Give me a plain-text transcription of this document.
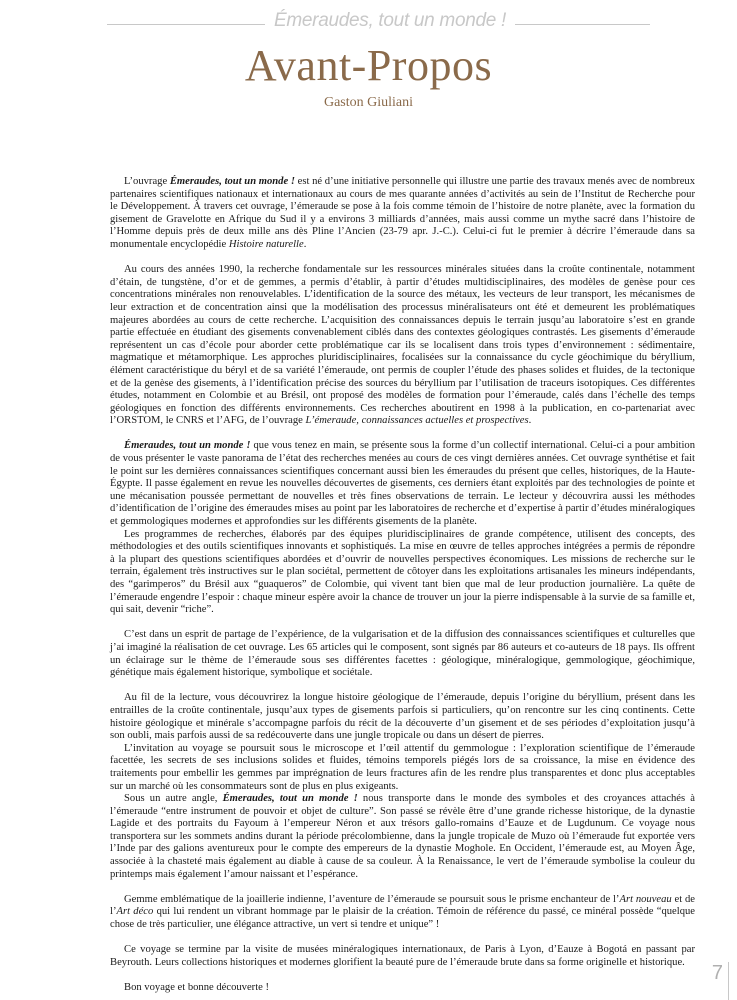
Émeraudes, tout un monde !
Avant-Propos
Gaston Giuliani

L’ouvrage Émeraudes, tout un monde ! est né d’une initiative personnelle qui illustre une partie des travaux menés avec de nombreux partenaires scientifiques nationaux et internationaux au cours de mes quarante années d’activités au sein de l’Institut de Recherche pour le Développement. À travers cet ouvrage, l’émeraude se pose à la fois comme témoin de l’histoire de notre planète, avec la formation du gisement de Gravelotte en Afrique du Sud il y a environs 3 milliards d’années, mais aussi comme un mythe sacré dans l’histoire de l’Homme depuis près de deux mille ans dès Pline l’Ancien (23-79 apr. J.-C.). Celui-ci fut le premier à décrire l’émeraude dans sa monumentale encyclopédie Histoire naturelle.

Au cours des années 1990, la recherche fondamentale sur les ressources minérales situées dans la croûte continentale, notamment d’étain, de tungstène, d’or et de gemmes, a permis d’établir, à partir d’études multidisciplinaires, des modèles de genèse pour ces concentrations minérales non renouvelables. L’identification de la source des métaux, les vecteurs de leur transport, les mécanismes de leur extraction et de concentration ainsi que la modélisation des processus minéralisateurs ont été et demeurent les problématiques majeures abordées au cours de cette recherche. L’acquisition des connaissances depuis le terrain jusqu’au laboratoire s’est en grande partie effectuée en étudiant des gisements convenablement ciblés dans des contextes géologiques contrastés. Les gisements d’émeraude représentent un cas d’école pour aborder cette problématique car ils se localisent dans trois types d’environnement : sédimentaire, magmatique et métamorphique. Les approches pluridisciplinaires, focalisées sur la connaissance du cycle géochimique du béryllium, élément caractéristique du béryl et de sa variété l’émeraude, ont permis de coupler l’étude des phases solides et fluides, de la tectonique et de la genèse des gisements, à l’identification précise des sources du béryllium par l’utilisation de traceurs isotopiques. Ces différentes études, notamment en Colombie et au Brésil, ont proposé des modèles de formation pour l’émeraude, calés dans l’échelle des temps géologiques en fonction des différents environnements. Ces recherches aboutirent en 1998 à la publication, en co-partenariat avec l’ORSTOM, le CNRS et l’AFG, de l’ouvrage L’émeraude, connaissances actuelles et prospectives.

Émeraudes, tout un monde ! que vous tenez en main, se présente sous la forme d’un collectif international. Celui-ci a pour ambition de vous présenter le vaste panorama de l’état des recherches menées au cours de ces vingt dernières années. Cet ouvrage synthétise et fait le point sur les dernières connaissances scientifiques concernant aussi bien les émeraudes du présent que celles, historiques, de la Haute-Égypte. Il passe également en revue les nouvelles découvertes de gisements, ces derniers étant exploités par des technologies de pointe et une mécanisation poussée permettant de nouvelles et très fines observations de terrain. Le lecteur y découvrira aussi les méthodes d’identification de l’origine des émeraudes mises au point par les laboratoires de recherche et d’expertise à partir d’études minéralogiques et gemmologiques modernes et approfondies sur les différents gisements de la planète.

Les programmes de recherches, élaborés par des équipes pluridisciplinaires de grande compétence, utilisent des concepts, des méthodologies et des outils scientifiques innovants et sophistiqués. La mise en œuvre de telles approches intégrées a permis de répondre à la plupart des questions scientifiques abordées et d’ouvrir de nouvelles perspectives économiques. Les missions de recherche sur le terrain, également très instructives sur le plan sociétal, permettent de côtoyer dans les exploitations artisanales les mineurs indépendants, des “garimperos” du Brésil aux “guaqueros” de Colombie, qui vivent tant bien que mal de leur production journalière. La quête de l’émeraude engendre l’espoir : chaque mineur espère avoir la chance de trouver un jour la pierre indispensable à la survie de sa famille et, qui sait, devenir “riche”.

C’est dans un esprit de partage de l’expérience, de la vulgarisation et de la diffusion des connaissances scientifiques et culturelles que j’ai imaginé la réalisation de cet ouvrage. Les 65 articles qui le composent, sont signés par 86 auteurs et co-auteurs de 18 pays. Ils offrent un éclairage sur le thème de l’émeraude sous ses différentes facettes : géologique, minéralogique, gemmologique, géochimique, génétique mais également historique, symbolique et sociétale.

Au fil de la lecture, vous découvrirez la longue histoire géologique de l’émeraude, depuis l’origine du béryllium, présent dans les entrailles de la croûte continentale, jusqu’aux types de gisements parfois si particuliers, qu’on rencontre sur les cinq continents. Cette histoire géologique et minérale s’accompagne parfois du récit de la découverte d’un gisement et de ses périodes d’exploitation jusqu’à son oubli, mais parfois aussi de sa redécouverte dans une jungle tropicale ou dans un désert de pierres.

L’invitation au voyage se poursuit sous le microscope et l’œil attentif du gemmologue : l’exploration scientifique de l’émeraude facettée, les secrets de ses inclusions solides et fluides, témoins temporels piégés lors de sa croissance, la mise en évidence des traitements pour embellir les gemmes par imprégnation de leurs fractures afin de les rendre plus transparentes et donc plus acceptables sur un marché où les consommateurs sont de plus en plus exigeants.

Sous un autre angle, Émeraudes, tout un monde ! nous transporte dans le monde des symboles et des croyances attachés à l’émeraude “entre instrument de pouvoir et objet de culture”. Son passé se révèle être d’une grande richesse historique, de la dynastie Lagide et des portraits du Fayoum à l’empereur Néron et aux trésors gallo-romains d’Eauze et de Lugdunum. Ce voyage nous transportera sur les sommets andins durant la période précolombienne, dans la jungle tropicale de Muzo où l’émeraude fut exportée vers l’Inde par des galions aventureux pour le compte des empereurs de la dynastie Moghole. En Occident, l’émeraude est, au Moyen Âge, associée à la chasteté mais également au diable à cause de sa couleur. À la Renaissance, le vert de l’émeraude symbolise la couleur du printemps mais également l’amour naissant et l’espérance.

Gemme emblématique de la joaillerie indienne, l’aventure de l’émeraude se poursuit sous le prisme enchanteur de l’Art nouveau et de l’Art déco qui lui rendent un vibrant hommage par le plaisir de la création. Témoin de référence du passé, ce minéral possède “quelque chose de très particulier, une élégance attractive, un vert si tendre et unique” !

Ce voyage se termine par la visite de musées minéralogiques internationaux, de Paris à Lyon, d’Eauze à Bogotá en passant par Beyrouth. Leurs collections historiques et modernes glorifient la beauté pure de l’émeraude brute dans sa forme originelle et historique.

Bon voyage et bonne découverte !

7
